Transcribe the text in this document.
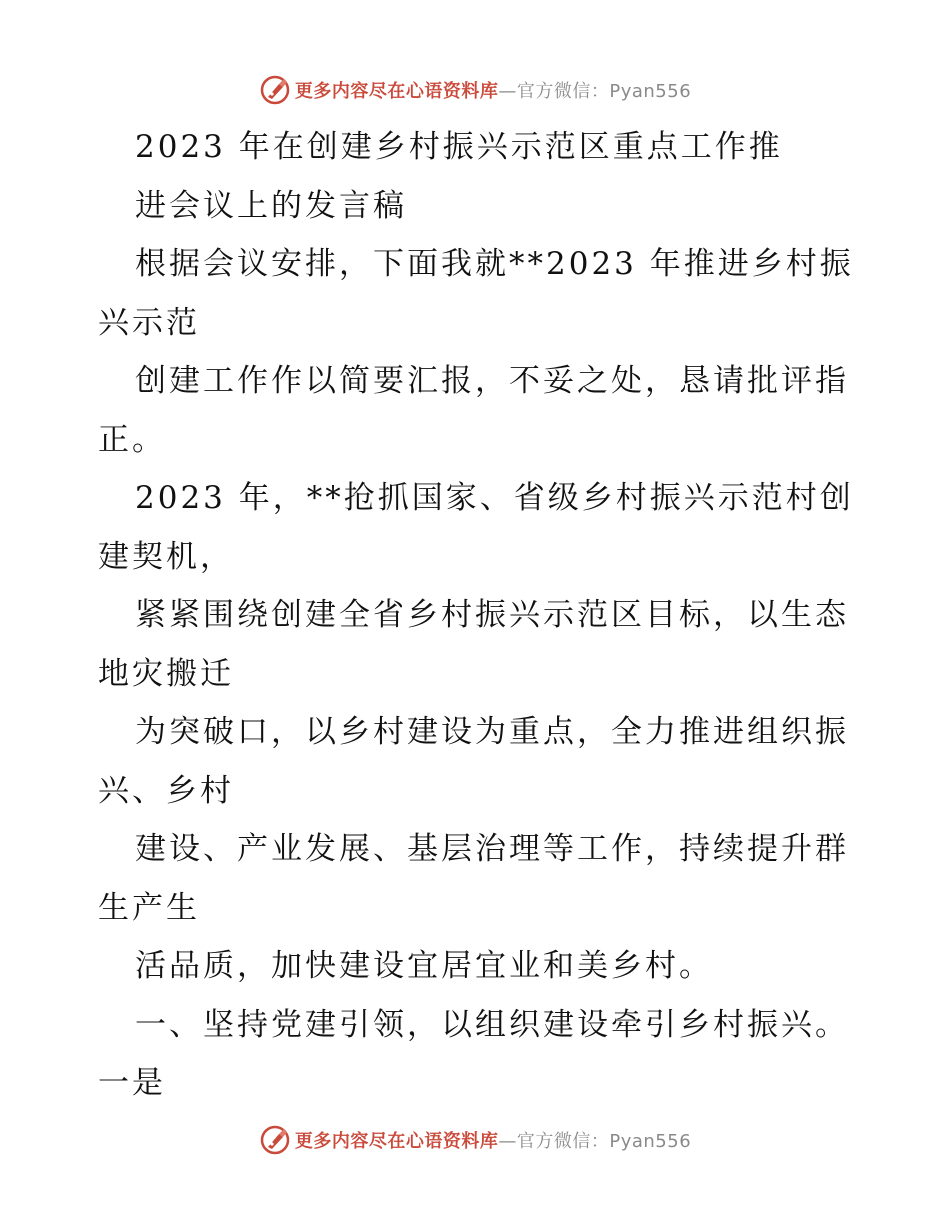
更多内容尽在心语资料库 —官方微信：Pyan556
2023 年在创建乡村振兴示范区重点工作推
进会议上的发言稿
根据会议安排，下面我就**2023 年推进乡村振
兴示范
创建工作作以简要汇报，不妥之处，恳请批评指
正。
2023 年，**抢抓国家、省级乡村振兴示范村创
建契机，
紧紧围绕创建全省乡村振兴示范区目标，以生态
地灾搬迁
为突破口，以乡村建设为重点，全力推进组织振
兴、乡村
建设、产业发展、基层治理等工作，持续提升群
生产生
活品质，加快建设宜居宜业和美乡村。
一、坚持党建引领，以组织建设牵引乡村振兴。
一是
更多内容尽在心语资料库 —官方微信：Pyan556
